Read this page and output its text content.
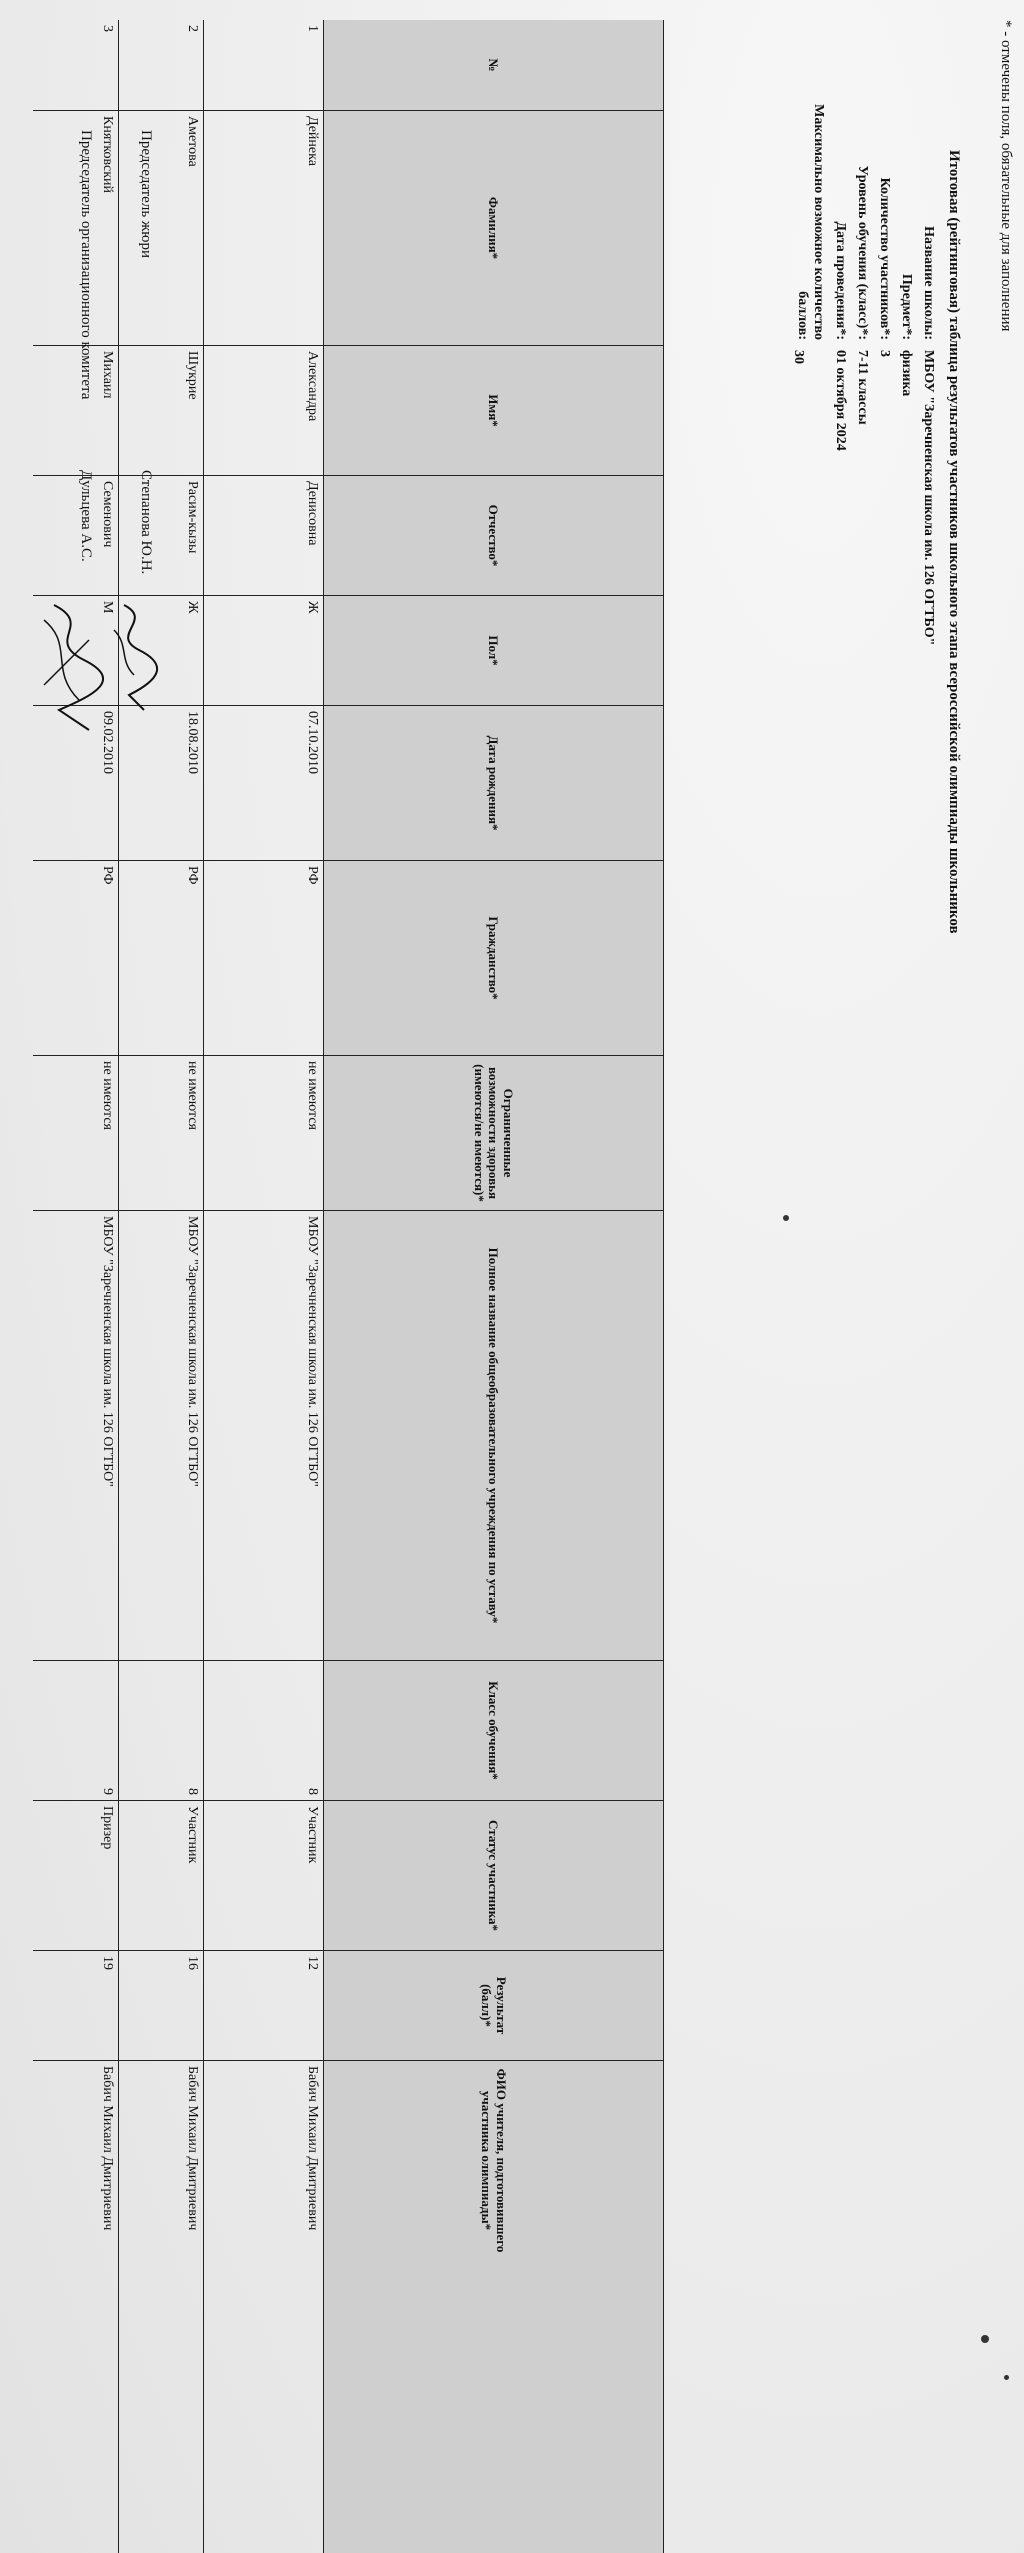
* - отмечены поля, обязательные для заполнения
Итоговая (рейтинговая) таблица результатов участников школьного этапа всероссийской олимпиады школьников
Название школы:
МБОУ "Заречненская школа им. 126 ОГТБО"
Предмет*:
физика
Количество участников*:
3
Уровень обучения (класс)*:
7-11 классы
Дата проведения*:
01 октября 2024
Максимально возможное количество баллов:
30
№
Фамилия*
Имя*
Отчество*
Пол*
Дата рождения*
Гражданство*
Ограниченные возможности здоровья (имеются/не имеются)*
Полное название общеобразовательного учреждения по уставу*
Класс обучения*
Статус участника*
Результат (балл)*
ФИО учителя, подготовившего участника олимпиады*
1
Дейнека
Александра
Денисовна
Ж
07.10.2010
РФ
не имеются
МБОУ "Заречненская школа им. 126 ОГТБО"
8
Участник
12
Бабич Михаил Дмитриевич
2
Аметова
Шукрие
Расим-кызы
Ж
18.08.2010
РФ
не имеются
МБОУ "Заречненская школа им. 126 ОГТБО"
8
Участник
16
Бабич Михаил Дмитриевич
3
Княтковский
Михаил
Семенович
М
09.02.2010
РФ
не имеются
МБОУ "Заречненская школа им. 126 ОГТБО"
9
Призер
19
Бабич Михаил Дмитриевич
Председатель жюри
Степанова Ю.Н.
Председатель организационного комитета
Дульцева А.С.
